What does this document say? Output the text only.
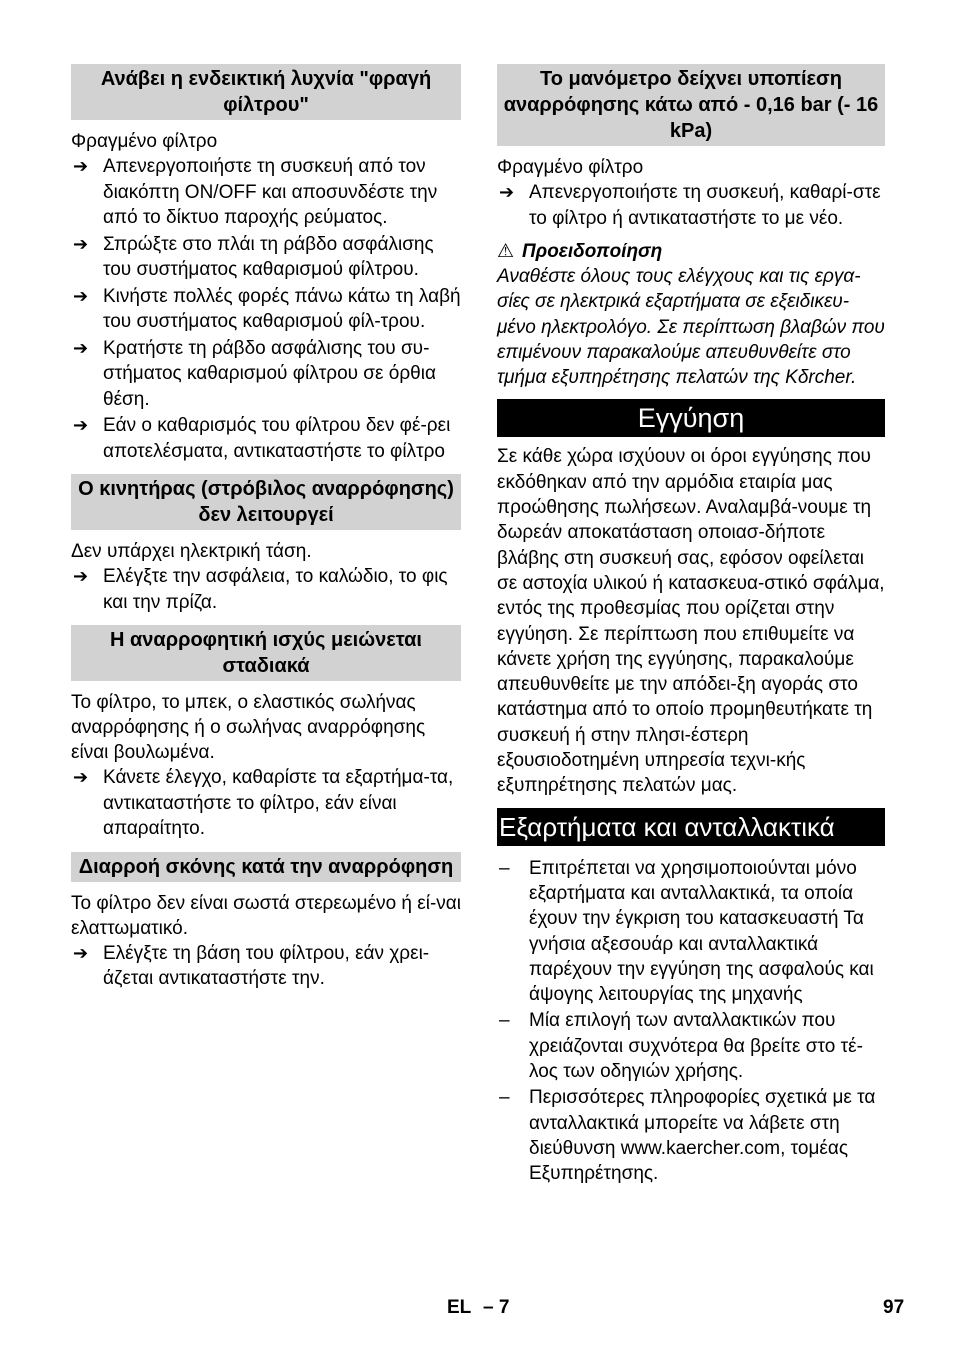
Ανάβει η ενδεικτική λυχνία "φραγή φίλτρου"
Φραγμένο φίλτρο
➔ Απενεργοποιήστε τη συσκευή από τον διακόπτη ON/OFF και αποσυνδέστε την από το δίκτυο παροχής ρεύματος.
➔ Σπρώξτε στο πλάι τη ράβδο ασφάλισης του συστήματος καθαρισμού φίλτρου.
➔ Κινήστε πολλές φορές πάνω κάτω τη λαβή του συστήματος καθαρισμού φίλ-τρου.
➔ Κρατήστε τη ράβδο ασφάλισης του συ-στήματος καθαρισμού φίλτρου σε όρθια θέση.
➔ Εάν ο καθαρισμός του φίλτρου δεν φέ-ρει αποτελέσματα, αντικαταστήστε το φίλτρο
Ο κινητήρας (στρόβιλος αναρρόφησης) δεν λειτουργεί
Δεν υπάρχει ηλεκτρική τάση.
➔ Ελέγξτε την ασφάλεια, το καλώδιο, το φις και την πρίζα.
Η αναρροφητική ισχύς μειώνεται σταδιακά
Το φίλτρο, το μπεκ, ο ελαστικός σωλήνας αναρρόφησης ή ο σωλήνας αναρρόφησης είναι βουλωμένα.
➔ Κάνετε έλεγχο, καθαρίστε τα εξαρτήμα-τα, αντικαταστήστε το φίλτρο, εάν είναι απαραίτητο.
Διαρροή σκόνης κατά την αναρρόφηση
Το φίλτρο δεν είναι σωστά στερεωμένο ή εί-ναι ελαττωματικό.
➔ Ελέγξτε τη βάση του φίλτρου, εάν χρει-άζεται αντικαταστήστε την.
Το μανόμετρο δείχνει υποπίεση αναρρόφησης κάτω από - 0,16 bar (- 16 kPa)
Φραγμένο φίλτρο
➔ Απενεργοποιήστε τη συσκευή, καθαρί-στε το φίλτρο ή αντικαταστήστε το με νέο.
⚠ Προειδοποίηση
Αναθέστε όλους τους ελέγχους και τις εργα-σίες σε ηλεκτρικά εξαρτήματα σε εξειδικευ-μένο ηλεκτρολόγο. Σε περίπτωση βλαβών που επιμένουν παρακαλούμε απευθυνθείτε στο τμήμα εξυπηρέτησης πελατών της Kδrcher.
Εγγύηση
Σε κάθε χώρα ισχύουν οι όροι εγγύησης που εκδόθηκαν από την αρμόδια εταιρία μας προώθησης πωλήσεων. Αναλαμβά-νουμε τη δωρεάν αποκατάσταση οποιασ-δήποτε βλάβης στη συσκευή σας, εφόσον οφείλεται σε αστοχία υλικού ή κατασκευα-στικό σφάλμα, εντός της προθεσμίας που ορίζεται στην εγγύηση. Σε περίπτωση που επιθυμείτε να κάνετε χρήση της εγγύησης, παρακαλούμε απευθυνθείτε με την απόδει-ξη αγοράς στο κατάστημα από το οποίο προμηθευτήκατε τη συσκευή ή στην πλησι-έστερη εξουσιοδοτημένη υπηρεσία τεχνι-κής εξυπηρέτησης πελατών μας.
Εξαρτήματα και ανταλλακτικά
– Επιτρέπεται να χρησιμοποιούνται μόνο εξαρτήματα και ανταλλακτικά, τα οποία έχουν την έγκριση του κατασκευαστή Τα γνήσια αξεσουάρ και ανταλλακτικά παρέχουν την εγγύηση της ασφαλούς και άψογης λειτουργίας της μηχανής
– Μία επιλογή των ανταλλακτικών που χρειάζονται συχνότερα θα βρείτε στο τέ-λος των οδηγιών χρήσης.
– Περισσότερες πληροφορίες σχετικά με τα ανταλλακτικά μπορείτε να λάβετε στη διεύθυνση www.kaercher.com, τομέας Εξυπηρέτησης.
EL – 7	97
